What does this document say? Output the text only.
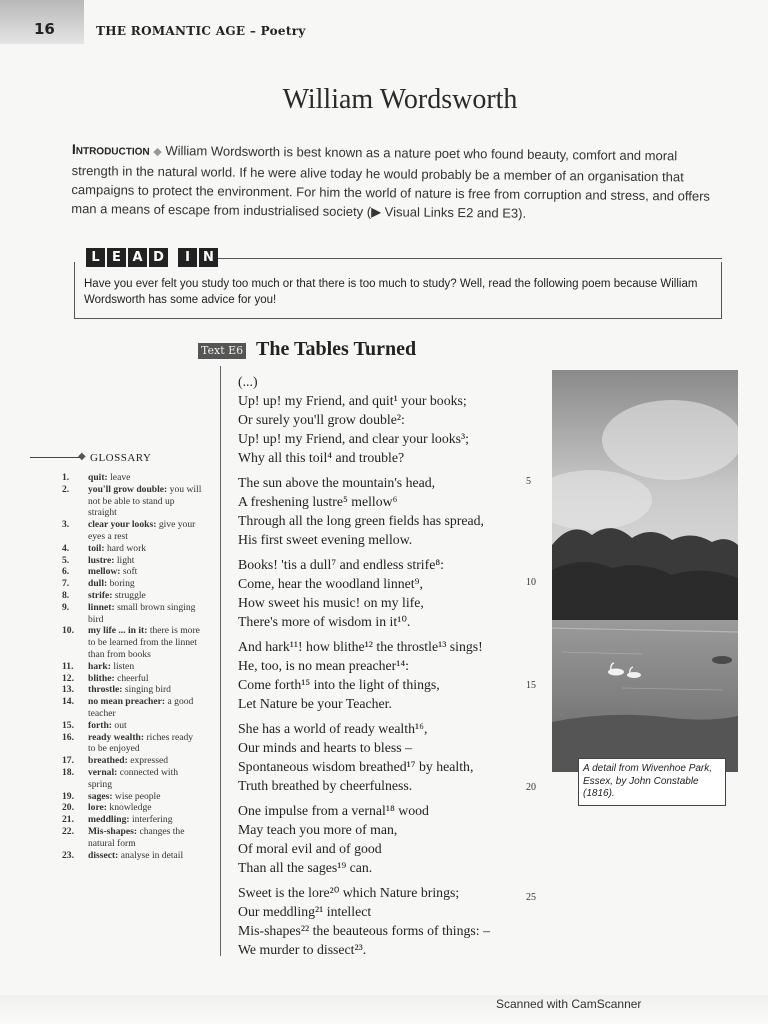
16	THE ROMANTIC AGE – Poetry
William Wordsworth
Introduction ◆ William Wordsworth is best known as a nature poet who found beauty, comfort and moral strength in the natural world. If he were alive today he would probably be a member of an organisation that campaigns to protect the environment. For him the world of nature is free from corruption and stress, and offers man a means of escape from industrialised society (▶ Visual Links E2 and E3).
L E A D	I	N
Have you ever felt you study too much or that there is too much to study? Well, read the following poem because William Wordsworth has some advice for you!
Text E6 The Tables Turned
◆ GLOSSARY
1. quit: leave
2. you'll grow double: you will not be able to stand up straight
3. clear your looks: give your eyes a rest
4. toil: hard work
5. lustre: light
6. mellow: soft
7. dull: boring
8. strife: struggle
9. linnet: small brown singing bird
10. my life ... in it: there is more to be learned from the linnet than from books
11. hark: listen
12. blithe: cheerful
13. throstle: singing bird
14. no mean preacher: a good teacher
15. forth: out
16. ready wealth: riches ready to be enjoyed
17. breathed: expressed
18. vernal: connected with spring
19. sages: wise people
20. lore: knowledge
21. meddling: interfering
22. Mis-shapes: changes the natural form
23. dissect: analyse in detail
(...)
Up! up! my Friend, and quit¹ your books;
Or surely you'll grow double²:
Up! up! my Friend, and clear your looks³;
Why all this toil⁴ and trouble?
The sun above the mountain's head,
A freshening lustre⁵ mellow⁶
Through all the long green fields has spread,
His first sweet evening mellow.
Books! 'tis a dull⁷ and endless strife⁸:
Come, hear the woodland linnet⁹,
How sweet his music! on my life,
There's more of wisdom in it¹⁰.
And hark¹¹! how blithe¹² the throstle¹³ sings!
He, too, is no mean preacher¹⁴:
Come forth¹⁵ into the light of things,
Let Nature be your Teacher.
She has a world of ready wealth¹⁶,
Our minds and hearts to bless –
Spontaneous wisdom breathed¹⁷ by health,
Truth breathed by cheerfulness.
One impulse from a vernal¹⁸ wood
May teach you more of man,
Of moral evil and of good
Than all the sages¹⁹ can.
Sweet is the lore²⁰ which Nature brings;
Our meddling²¹ intellect
Mis-shapes²² the beauteous forms of things: –
We murder to dissect²³.
5
10
15
20
25
A detail from Wivenhoe Park, Essex, by John Constable (1816).
Scanned with CamScanner
